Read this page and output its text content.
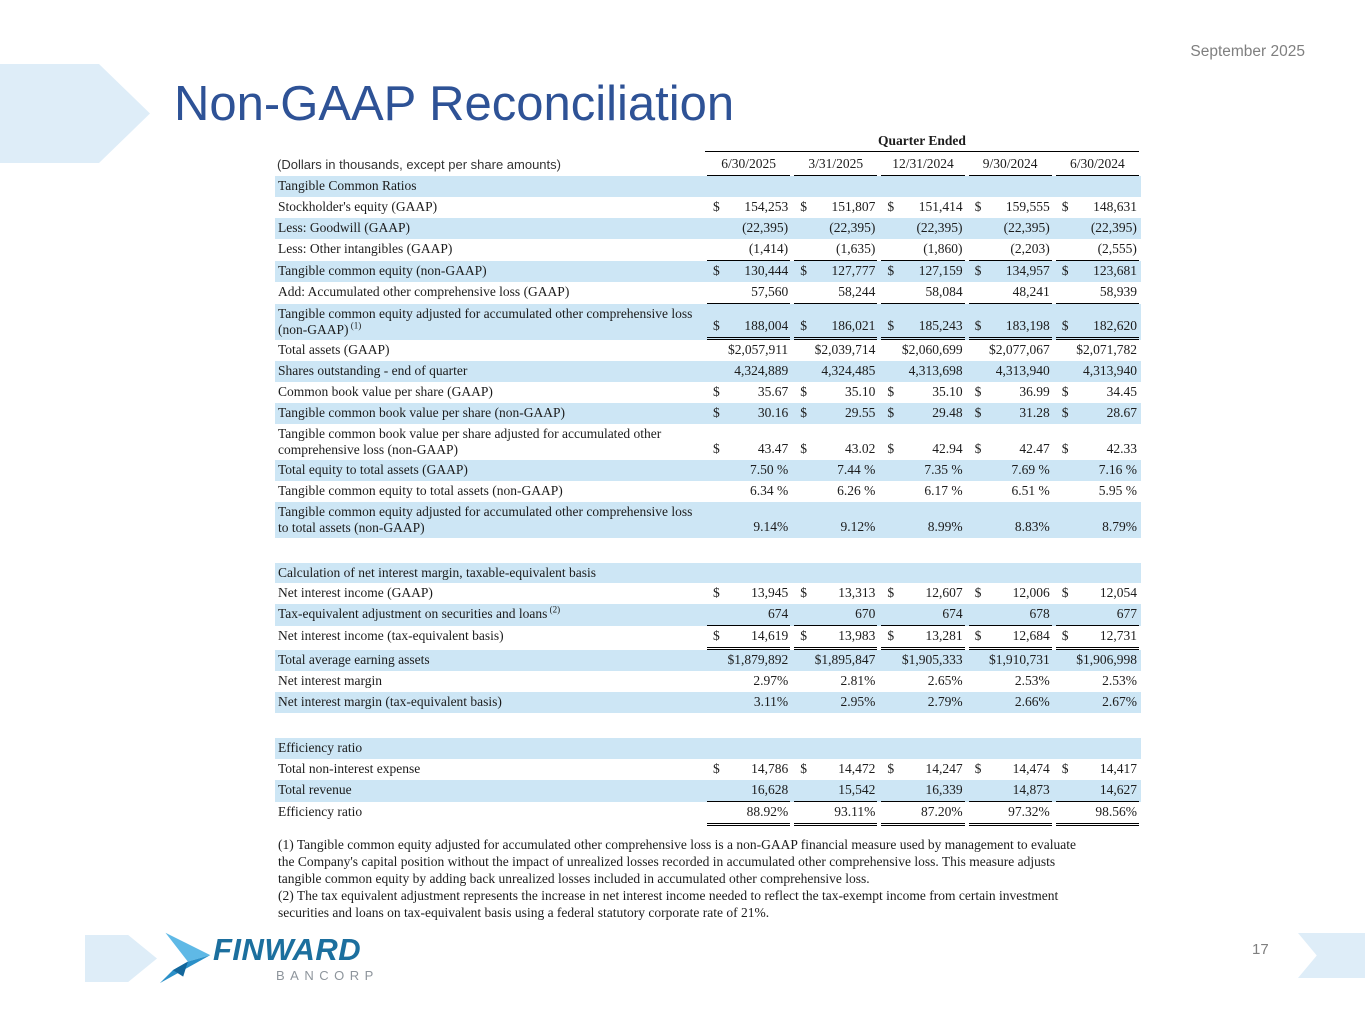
September 2025
Non-GAAP Reconciliation
Quarter Ended
(Dollars in thousands, except per share amounts)	6/30/2025	3/31/2025	12/31/2024	9/30/2024	6/30/2024
Tangible Common Ratios
Stockholder's equity (GAAP)	$ 154,253 $ 151,807 $ 151,414 $ 159,555 $ 148,631
Less: Goodwill (GAAP)	(22,395)	(22,395)	(22,395)	(22,395)	(22,395)
Less: Other intangibles (GAAP)	(1,414)	(1,635)	(1,860)	(2,203)	(2,555)
Tangible common equity (non-GAAP)	$ 130,444 $ 127,777 $ 127,159 $ 134,957 $ 123,681
Add: Accumulated other comprehensive loss (GAAP)	57,560	58,244	58,084	48,241	58,939
Tangible common equity adjusted for accumulated other comprehensive loss (non-GAAP) $^{(1)}$	$ 188,004 $ 186,021 $ 185,243 $ 183,198 $ 182,620
Total assets (GAAP)	$2,057,911	$2,039,714	$2,060,699	$2,077,067	$2,071,782
Shares outstanding - end of quarter	4,324,889	4,324,485	4,313,698	4,313,940	4,313,940
Common book value per share (GAAP)	$	35.67 $	35.10 $	35.10 $	36.99 $	34.45
Tangible common book value per share (non-GAAP)	$	30.16 $	29.55 $	29.48 $	31.28 $	28.67
Tangible common book value per share adjusted for accumulated other comprehensive loss (non-GAAP)	$	43.47 $	43.02 $	42.94 $	42.47 $	42.33
Total equity to total assets (GAAP)	7.50 %	7.44 %	7.35 %	7.69 %	7.16 %
Tangible common equity to total assets (non-GAAP)	6.34 %	6.26 %	6.17 %	6.51 %	5.95 %
Tangible common equity adjusted for accumulated other comprehensive loss to total assets (non-GAAP)	9.14%	9.12%	8.99%	8.83%	8.79%
Calculation of net interest margin, taxable-equivalent basis
Net interest income (GAAP)	$ 13,945 $ 13,313 $ 12,607 $ 12,006 $ 12,054
Tax-equivalent adjustment on securities and loans $^{(2)}$	674	670	674	678	677
Net interest income (tax-equivalent basis)	$ 14,619 $ 13,983 $ 13,281 $ 12,684 $ 12,731
Total average earning assets	$1,879,892	$1,895,847	$1,905,333	$1,910,731	$1,906,998
Net interest margin	2.97%	2.81%	2.65%	2.53%	2.53%
Net interest margin (tax-equivalent basis)	3.11%	2.95%	2.79%	2.66%	2.67%
Efficiency ratio
Total non-interest expense	$ 14,786 $ 14,472 $ 14,247 $ 14,474 $ 14,417
Total revenue	16,628	15,542	16,339	14,873	14,627
Efficiency ratio	88.92%	93.11%	87.20%	97.32%	98.56%
(1) Tangible common equity adjusted for accumulated other comprehensive loss is a non-GAAP financial measure used by management to evaluate the Company's capital position without the impact of unrealized losses recorded in accumulated other comprehensive loss. This measure adjusts tangible common equity by adding back unrealized losses included in accumulated other comprehensive loss.
(2) The tax equivalent adjustment represents the increase in net interest income needed to reflect the tax-exempt income from certain investment securities and loans on tax-equivalent basis using a federal statutory corporate rate of 21%.
FINWARD
BANCORP
17
